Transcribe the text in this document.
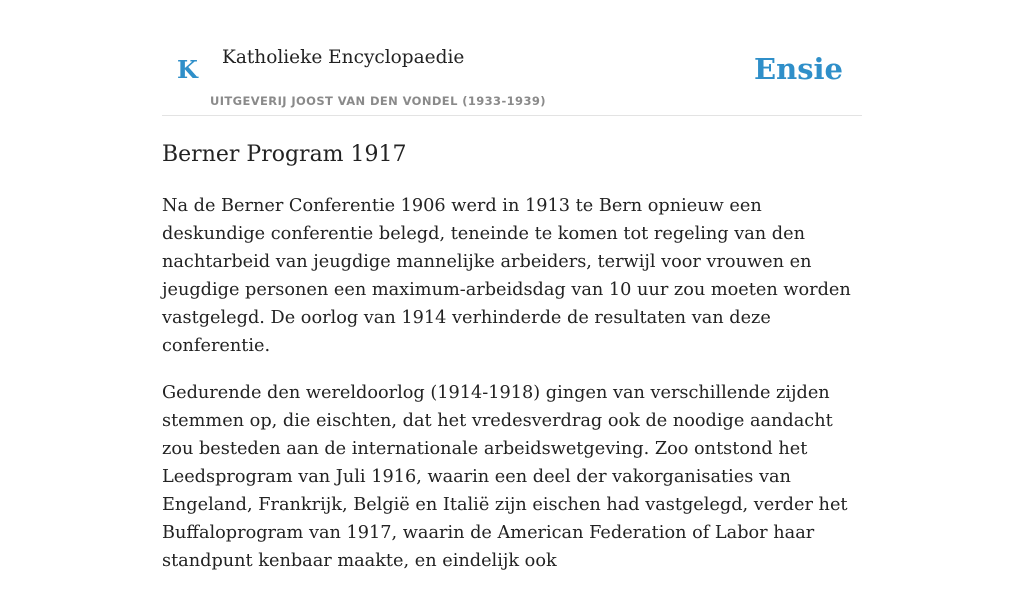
K Katholieke Encyclopaedie
UITGEVERIJ JOOST VAN DEN VONDEL (1933-1939)
Ensie
Berner Program 1917

Na de Berner Conferentie 1906 werd in 1913 te Bern opnieuw een deskundige conferentie belegd, teneinde te komen tot regeling van den nachtarbeid van jeugdige mannelijke arbeiders, terwijl voor vrouwen en jeugdige personen een maximum-arbeidsdag van 10 uur zou moeten worden vastgelegd. De oorlog van 1914 verhinderde de resultaten van deze conferentie.

Gedurende den wereldoorlog (1914-1918) gingen van verschillende zijden stemmen op, die eischten, dat het vredesverdrag ook de noodige aandacht zou besteden aan de internationale arbeidswetgeving. Zoo ontstond het Leedsprogram van Juli 1916, waarin een deel der vakorganisaties van Engeland, Frankrijk, België en Italië zijn eischen had vastgelegd, verder het Buffaloprogram van 1917, waarin de American Federation of Labor haar standpunt kenbaar maakte, en eindelijk ook
